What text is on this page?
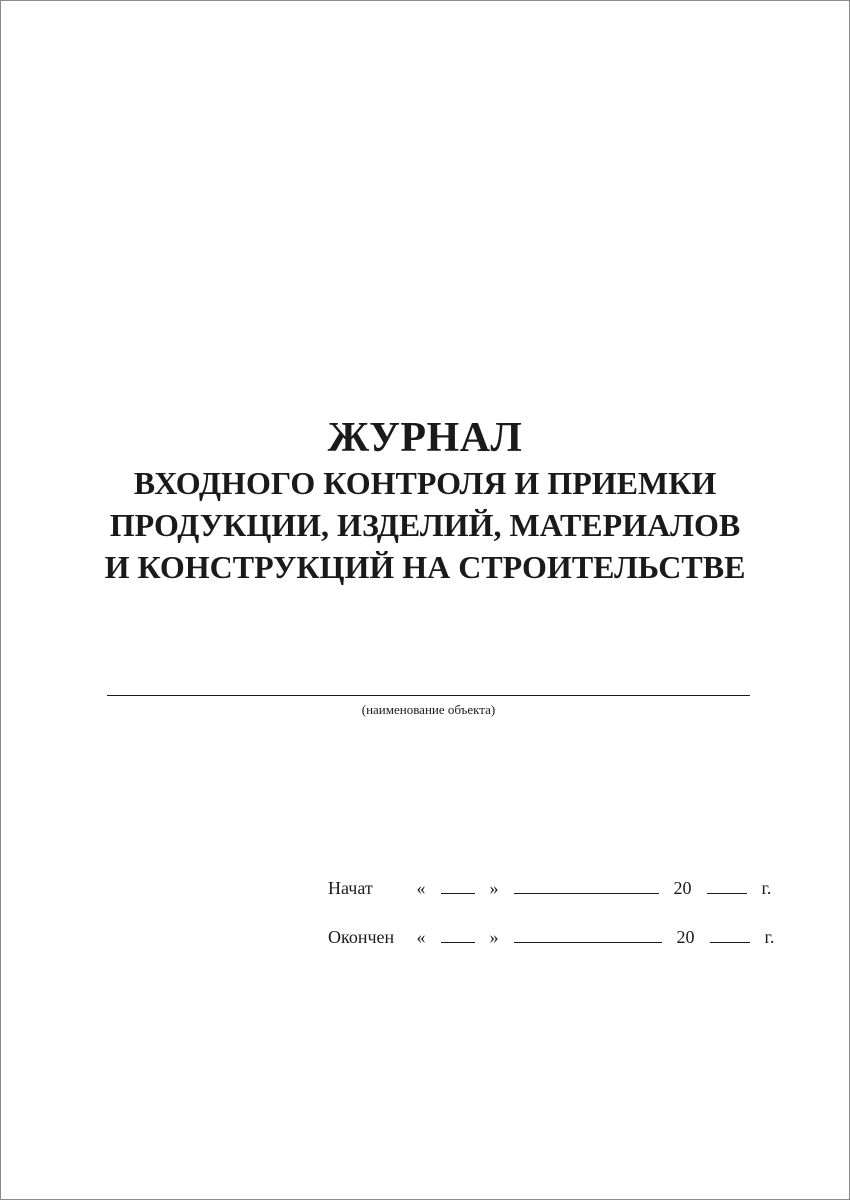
ЖУРНАЛ
ВХОДНОГО КОНТРОЛЯ И ПРИЕМКИ
ПРОДУКЦИИ, ИЗДЕЛИЙ, МАТЕРИАЛОВ
И КОНСТРУКЦИЙ НА СТРОИТЕЛЬСТВЕ
(наименование объекта)
Начат «	»	20	г.
Окончен «	»	20	г.
